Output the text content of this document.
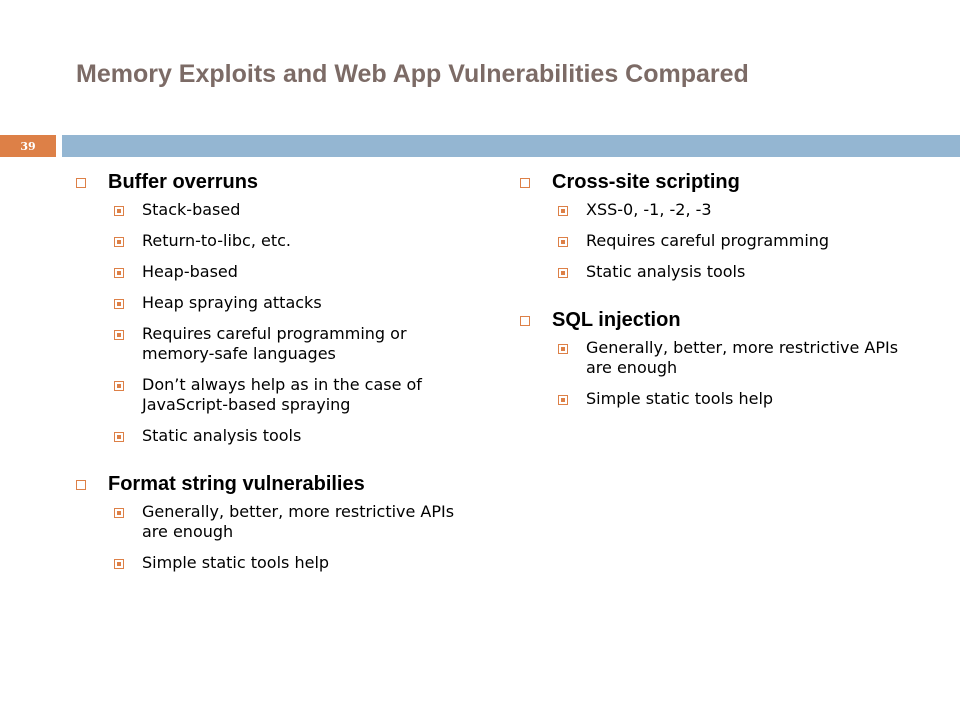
Memory Exploits and Web App Vulnerabilities Compared
39
Buffer overruns
Stack-based
Return-to-libc, etc.
Heap-based
Heap spraying attacks
Requires careful programming or memory-safe languages
Don’t always help as in the case of JavaScript-based spraying
Static analysis tools
Format string vulnerabilies
Generally, better, more restrictive APIs are enough
Simple static tools help
Cross-site scripting
XSS-0, -1, -2, -3
Requires careful programming
Static analysis tools
SQL injection
Generally, better, more restrictive APIs are enough
Simple static tools help
